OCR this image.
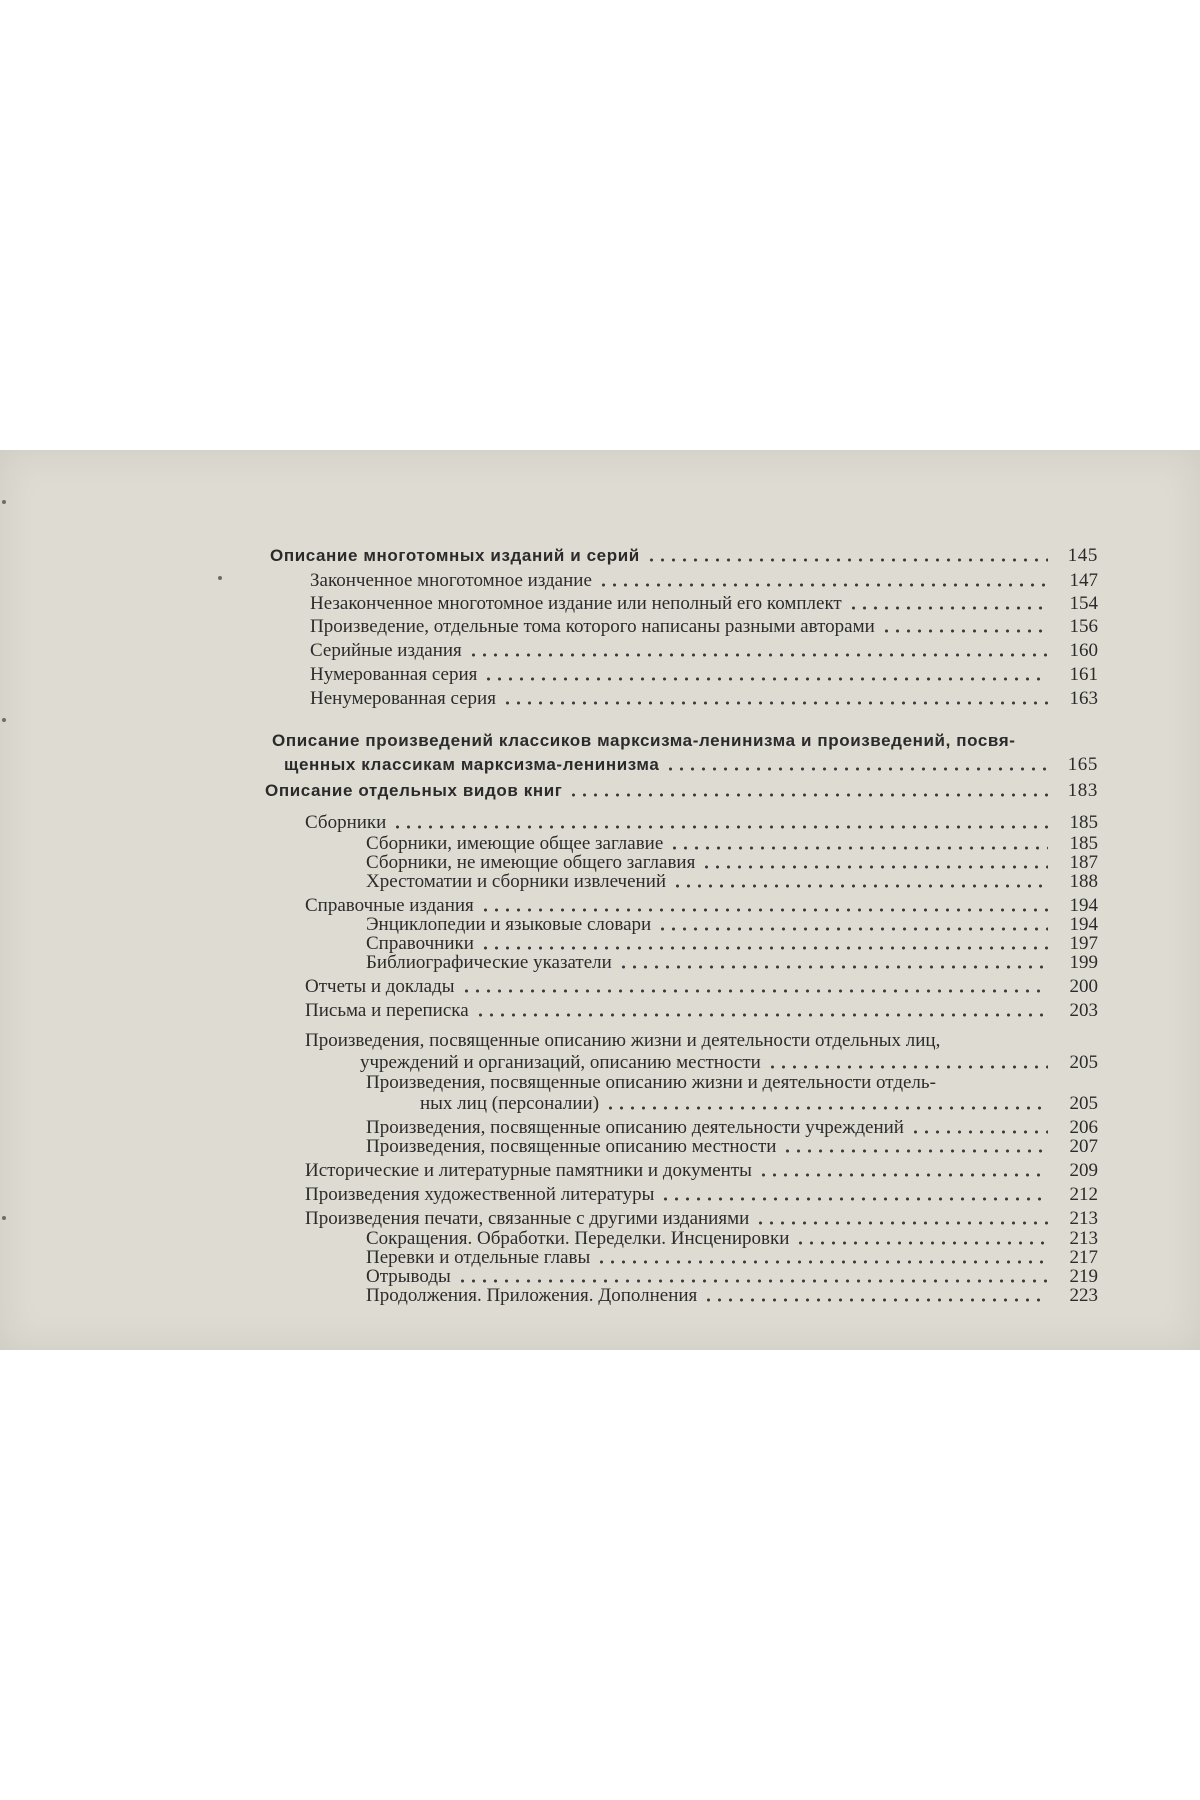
Описание многотомных изданий и серий	145
Законченное многотомное издание	147
Незаконченное многотомное издание или неполный его комплект	154
Произведение, отдельные тома которого написаны разными авторами	156
Серийные издания	160
Нумерованная серия	161
Ненумерованная серия	163
Описание произведений классиков марксизма-ленинизма и произведений, посвя-
щенных классикам марксизма-ленинизма	165
Описание отдельных видов книг	183
Сборники	185
Сборники, имеющие общее заглавие	185
Сборники, не имеющие общего заглавия	187
Хрестоматии и сборники извлечений	188
Справочные издания	194
Энциклопедии и языковые словари	194
Справочники	197
Библиографические указатели	199
Отчеты и доклады	200
Письма и переписка	203
Произведения, посвященные описанию жизни и деятельности отдельных лиц,
учреждений и организаций, описанию местности	205
Произведения, посвященные описанию жизни и деятельности отдель-
ных лиц (персоналии)	205
Произведения, посвященные описанию деятельности учреждений	206
Произведения, посвященные описанию местности	207
Исторические и литературные памятники и документы	209
Произведения художественной литературы	212
Произведения печати, связанные с другими изданиями	213
Сокращения. Обработки. Переделки. Инсценировки	213
Перевки и отдельные главы	217
Отрыводы	219
Продолжения. Приложения. Дополнения	223
